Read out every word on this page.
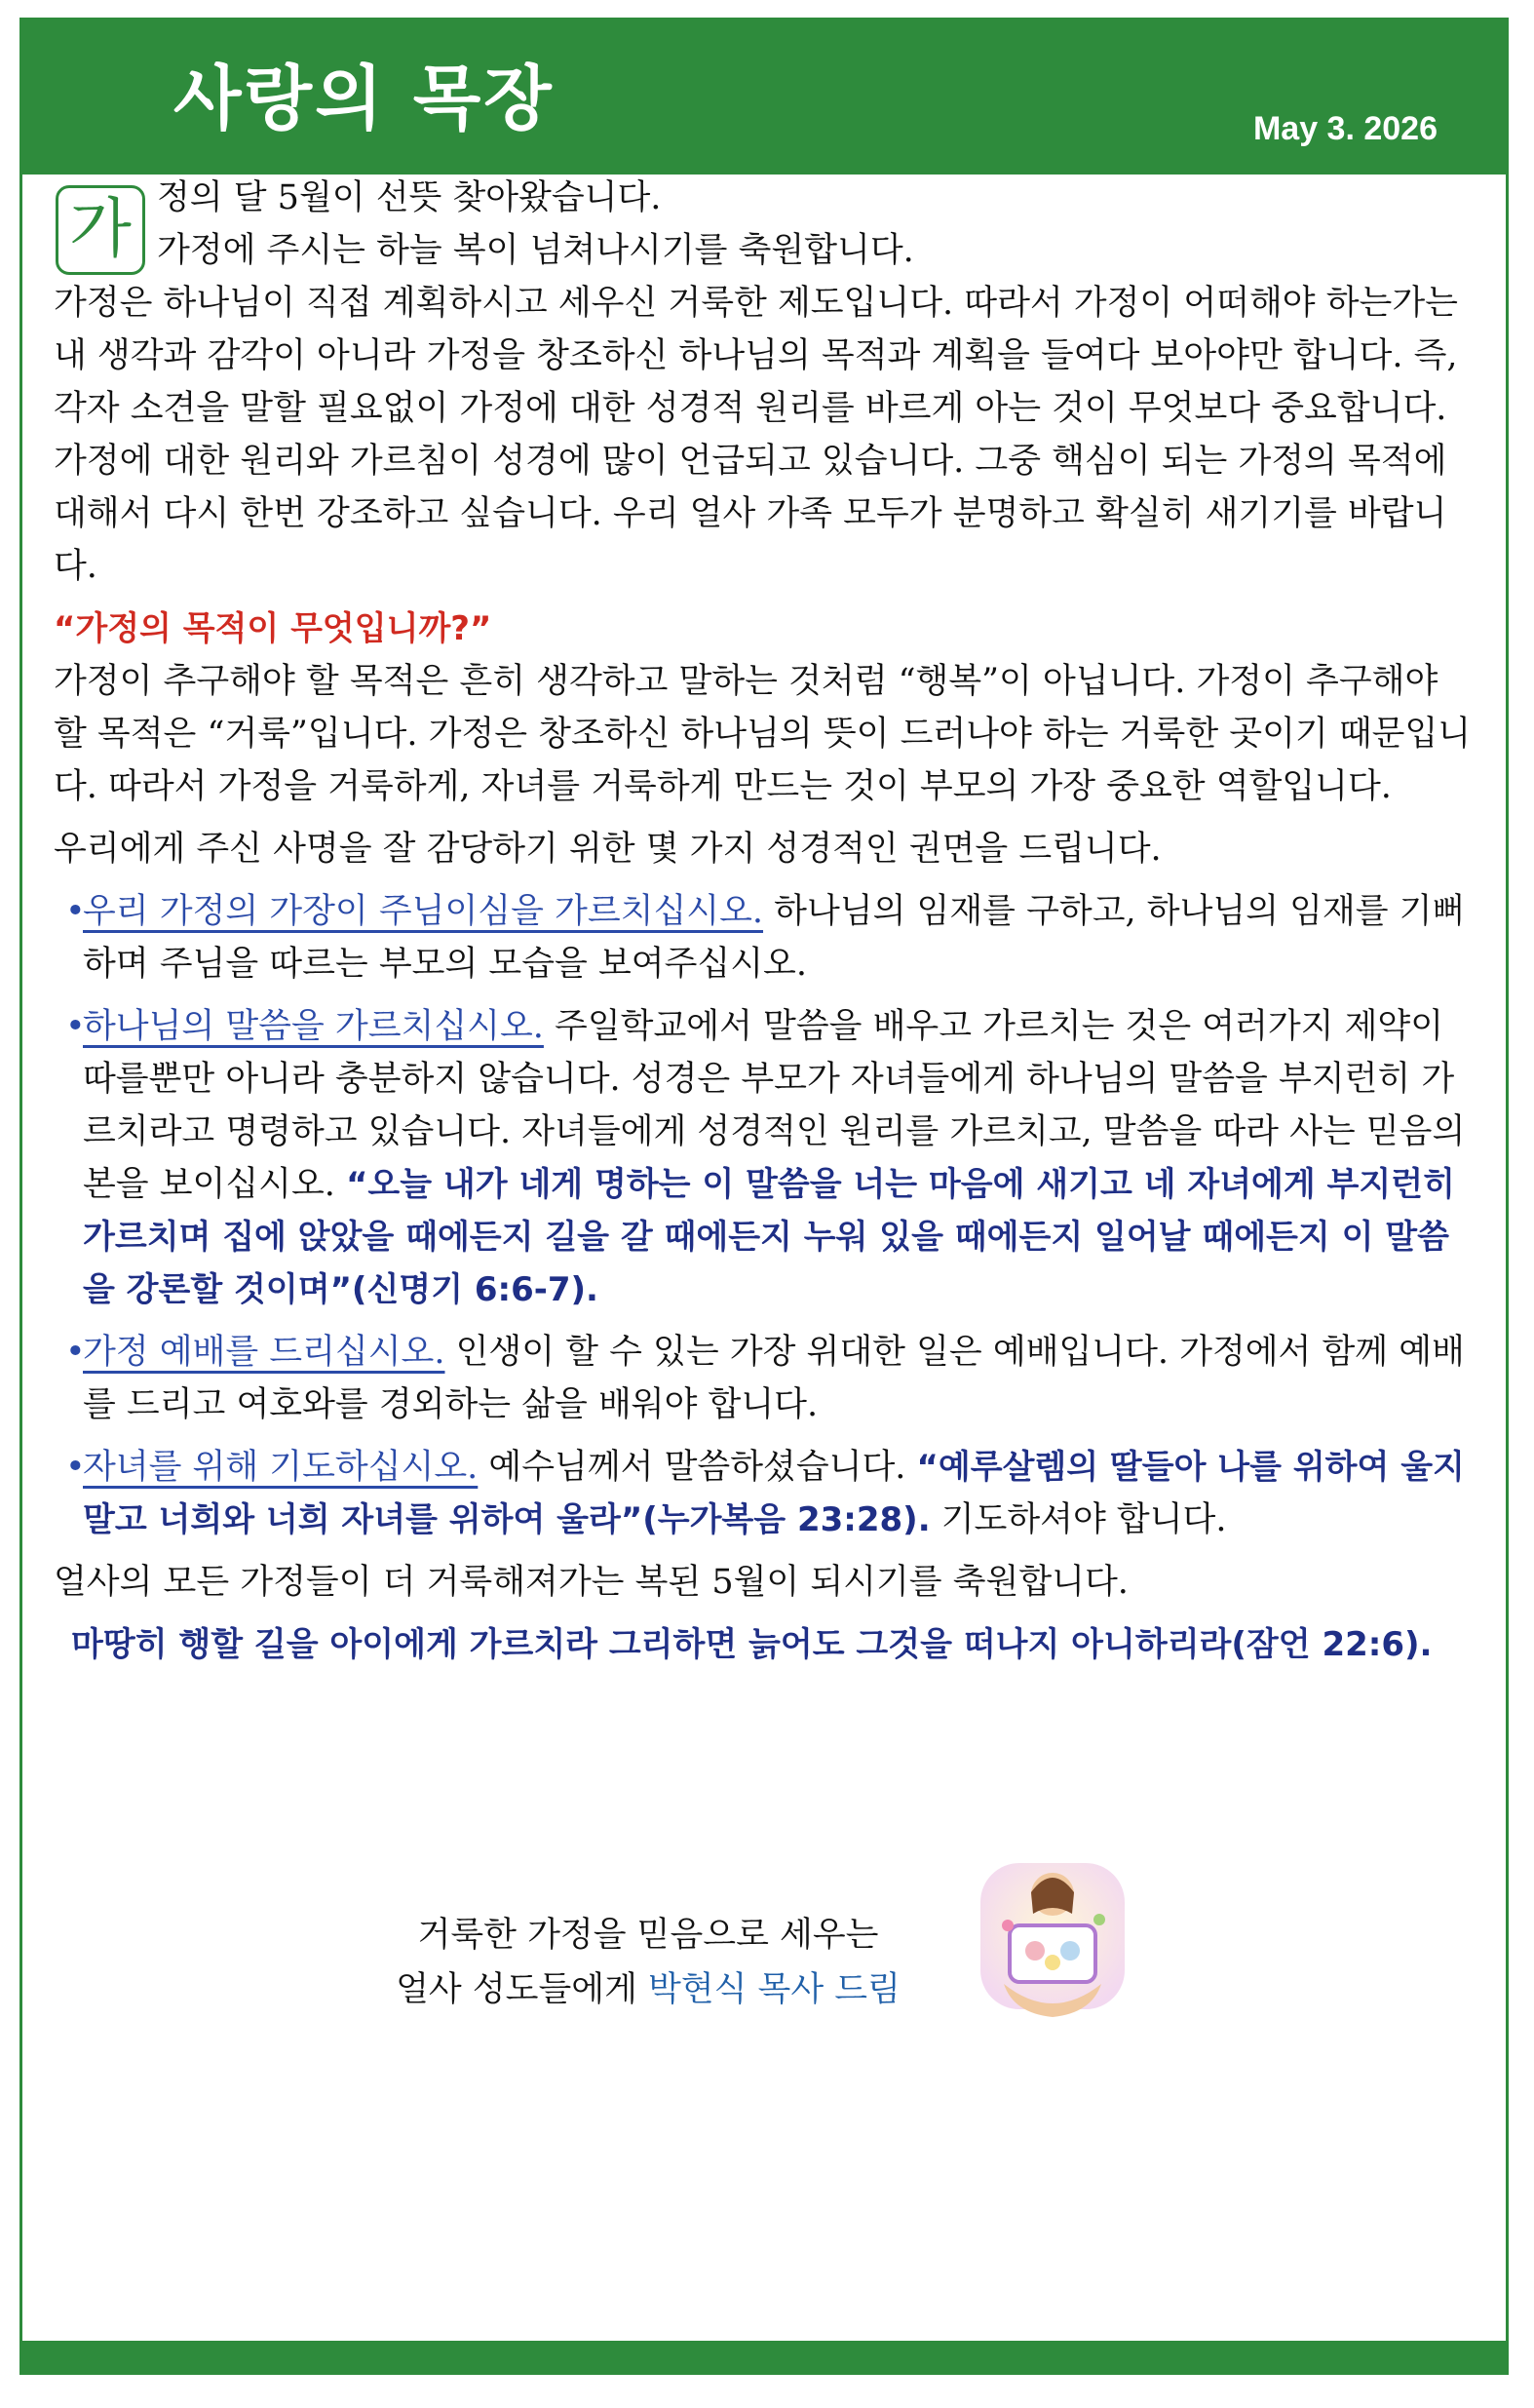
사랑의 목장	May 3. 2026
가 정의 달 5월이 선뜻 찾아왔습니다.

가정에 주시는 하늘 복이 넘쳐나시기를 축원합니다.

가정은 하나님이 직접 계획하시고 세우신 거룩한 제도입니다. 따라서 가정이 어떠해야 하는가는 내 생각과 감각이 아니라 가정을 창조하신 하나님의 목적과 계획을 들여다 보아야만 합니다. 즉, 각자 소견을 말할 필요없이 가정에 대한 성경적 원리를 바르게 아는 것이 무엇보다 중요합니다. 가정에 대한 원리와 가르침이 성경에 많이 언급되고 있습니다. 그중 핵심이 되는 가정의 목적에 대해서 다시 한번 강조하고 싶습니다. 우리 얼사 가족 모두가 분명하고 확실히 새기기를 바랍니다.

“가정의 목적이 무엇입니까?”

가정이 추구해야 할 목적은 흔히 생각하고 말하는 것처럼 “행복”이 아닙니다. 가정이 추구해야 할 목적은 “거룩”입니다. 가정은 창조하신 하나님의 뜻이 드러나야 하는 거룩한 곳이기 때문입니다. 따라서 가정을 거룩하게, 자녀를 거룩하게 만드는 것이 부모의 가장 중요한 역할입니다.

우리에게 주신 사명을 잘 감당하기 위한 몇 가지 성경적인 권면을 드립니다.

•
우리 가정의 가장이 주님이심을 가르치십시오. 하나님의 임재를 구하고, 하나님의 임재를 기뻐하며 주님을 따르는 부모의 모습을 보여주십시오.

•
하나님의 말씀을 가르치십시오. 주일학교에서 말씀을 배우고 가르치는 것은 여러가지 제약이 따를뿐만 아니라 충분하지 않습니다. 성경은 부모가 자녀들에게 하나님의 말씀을 부지런히 가르치라고 명령하고 있습니다. 자녀들에게 성경적인 원리를 가르치고, 말씀을 따라 사는 믿음의 본을 보이십시오. “오늘 내가 네게 명하는 이 말씀을 너는 마음에 새기고 네 자녀에게 부지런히 가르치며 집에 앉았을 때에든지 길을 갈 때에든지 누워 있을 때에든지 일어날 때에든지 이 말씀을 강론할 것이며”(신명기 6:6-7).

•
가정 예배를 드리십시오. 인생이 할 수 있는 가장 위대한 일은 예배입니다. 가정에서 함께 예배를 드리고 여호와를 경외하는 삶을 배워야 합니다.

•
자녀를 위해 기도하십시오. 예수님께서 말씀하셨습니다. “예루살렘의 딸들아 나를 위하여 울지 말고 너희와 너희 자녀를 위하여 울라”(누가복음 23:28). 기도하셔야 합니다.

얼사의 모든 가정들이 더 거룩해져가는 복된 5월이 되시기를 축원합니다.

마땅히 행할 길을 아이에게 가르치라 그리하면 늙어도 그것을 떠나지 아니하리라(잠언 22:6).

거룩한 가정을 믿음으로 세우는
얼사 성도들에게 박현식 목사 드림
